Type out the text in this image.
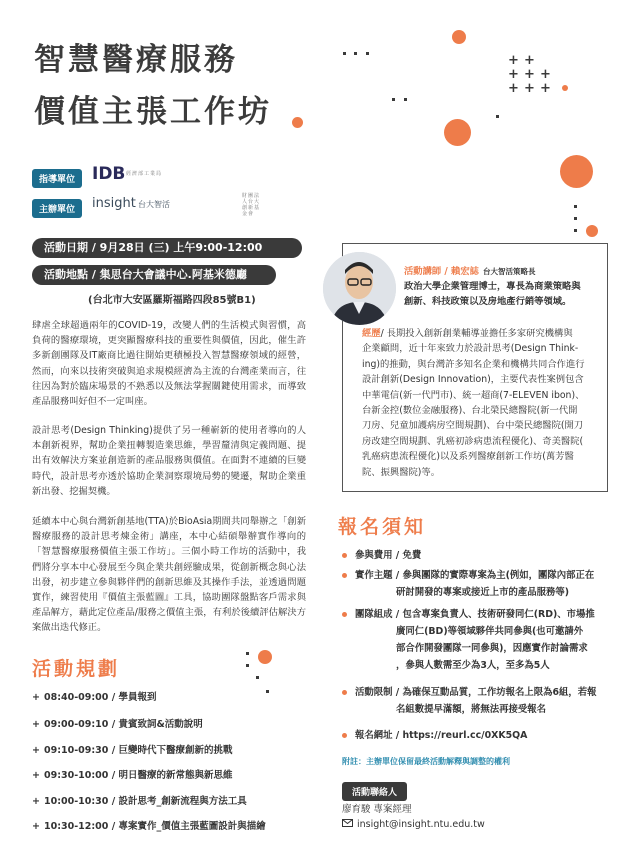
智慧醫療服務
價值主張工作坊
+ +
+ + +
+ + +
指導單位 IDB 經濟部工業局
主辦單位	insight 台大智活
財團法人台大創新基金會
活動日期 / 9月28日 (三) 上午9:00-12:00
活動地點 / 集思台大會議中心.阿基米德廳
(台北市大安區羅斯福路四段85號B1)
肆虐全球超過兩年的COVID-19，改變人們的生活模式與習慣，高負荷的醫療環境，更突顯醫療科技的重要性與價值，因此，催生許多新創團隊及IT廠商比過往開始更積極投入智慧醫療領域的經營，然而，向來以技術突破與追求規模經濟為主流的台灣產業而言，往往因為對於臨床場景的不熟悉以及無法掌握關鍵使用需求，而導致產品服務叫好但不一定叫座。
設計思考(Design Thinking)提供了另一種嶄新的使用者導向的人本創新視界，幫助企業扭轉製造業思維，學習釐清與定義問題、提出有效解決方案並創造新的產品服務與價值。在面對不連續的巨變時代，設計思考亦透於協助企業洞察環境局勢的變遷，幫助企業重新出發、挖掘契機。
延續本中心與台灣新創基地(TTA)於BioAsia期間共同舉辦之「創新醫療服務的設計思考煉金術」講座，本中心結碩舉辦實作導向的「智慧醫療服務價值主張工作坊」。三個小時工作坊的活動中，我們將分享本中心發展至今與企業共創經驗成果，從創新概念與心法出發，初步建立參與夥伴們的創新思維及其操作手法，並透過問題實作，練習使用『價值主張藍圖』工具，協助團隊盤點客戶需求與產品解方，藉此定位產品/服務之價值主張，有利於後續評估解決方案做出迭代修正。
活動規劃
+ 08:40-09:00 / 學員報到
+ 09:00-09:10 / 貴賓致詞&活動說明
+ 09:10-09:30 / 巨變時代下醫療創新的挑戰
+ 09:30-10:00 / 明日醫療的新常態與新思維
+ 10:00-10:30 / 設計思考_創新流程與方法工具
+ 10:30-12:00 / 專案實作_價值主張藍圖設計與描繪
活動講師 / 賴宏誌 台大智活策略長
政治大學企業管理博士，專長為商業策略與
創新、科技政策以及房地產行銷等領域。
經歷/ 長期投入創新創業輔導並擔任多家研究機構與
企業顧問，近十年來致力於設計思考(Design Think-
ing)的推動，與台灣許多知名企業和機構共同合作進行
設計創新(Design Innovation)，主要代表性案例包含
中華電信(新一代門市)、統一超商(7-ELEVEN ibon)、
台新金控(數位金融服務)、台北榮民總醫院(新一代開
刀房、兒童加護病房空間規劃)、台中榮民總醫院(開刀
房改建空間規劃、乳癌初診病患流程優化)、奇美醫院(
乳癌病患流程優化)以及系列醫療創新工作坊(萬芳醫
院、振興醫院)等。
報名須知
參與費用 / 免費
實作主題 / 參與團隊的實際專案為主(例如，團隊內部正在
研討開發的專案或接近上市的產品服務等)
團隊組成 / 包含專案負責人、技術研發同仁(RD)、市場推
廣同仁(BD)等領域夥伴共同參與(也可邀請外
部合作開發團隊一同參與)，因應實作討論需求
，參與人數需至少為3人，至多為5人
活動限制 / 為確保互動品質，工作坊報名上限為6組，若報
名組數提早滿額，將無法再接受報名
報名網址 / https://reurl.cc/0XK5QA
附註：主辦單位保留最終活動解釋與調整的權利
活動聯絡人
廖育駿 專案經理
insight@insight.ntu.edu.tw
